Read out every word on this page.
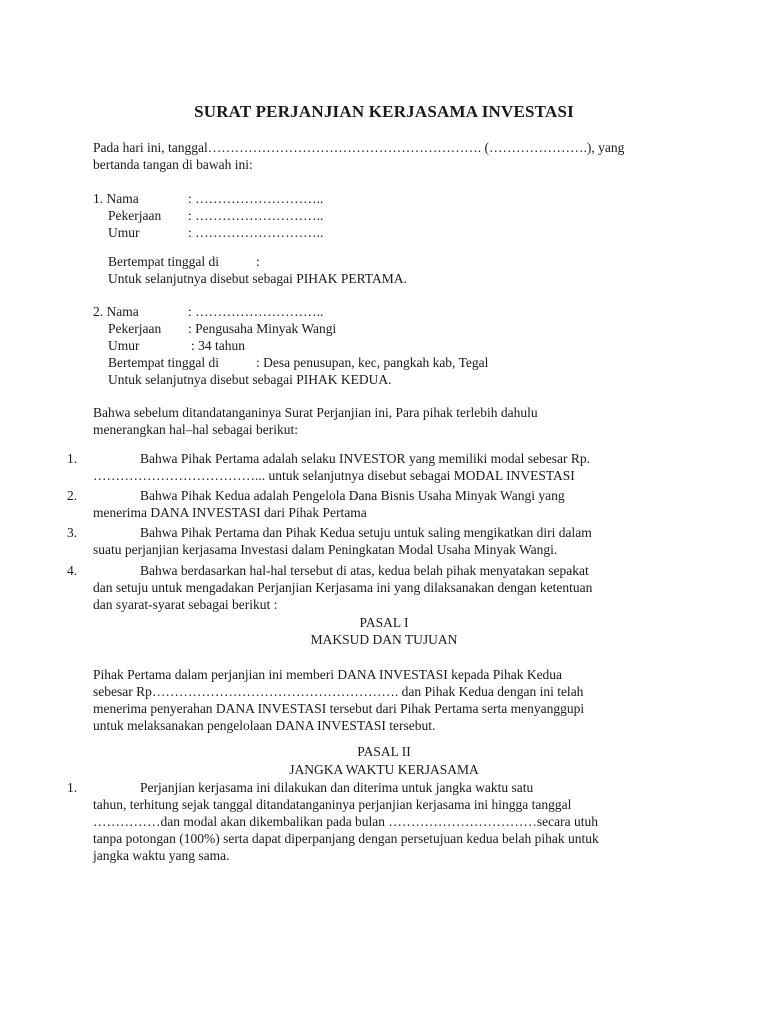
SURAT PERJANJIAN KERJASAMA INVESTASI
Pada hari ini, tanggal……………………………………………………. (………………….), yang
bertanda tangan di bawah ini:
1. Nama	: ………………………..
Pekerjaan : ………………………..
Umur	: ………………………..
Bertempat tinggal di	:
Untuk selanjutnya disebut sebagai PIHAK PERTAMA.
2. Nama	: ………………………..
Pekerjaan : Pengusaha Minyak Wangi
Umur	: 34 tahun
Bertempat tinggal di	: Desa penusupan, kec, pangkah kab, Tegal
Untuk selanjutnya disebut sebagai PIHAK KEDUA.
Bahwa sebelum ditandatanganinya Surat Perjanjian ini, Para pihak terlebih dahulu
menerangkan hal–hal sebagai berikut:
1.	Bahwa Pihak Pertama adalah selaku INVESTOR yang memiliki modal sebesar Rp.
………………………………... untuk selanjutnya disebut sebagai MODAL INVESTASI
2.	Bahwa Pihak Kedua adalah Pengelola Dana Bisnis Usaha Minyak Wangi yang
menerima DANA INVESTASI dari Pihak Pertama
3.	Bahwa Pihak Pertama dan Pihak Kedua setuju untuk saling mengikatkan diri dalam
suatu perjanjian kerjasama Investasi dalam Peningkatan Modal Usaha Minyak Wangi.
4.	Bahwa berdasarkan hal-hal tersebut di atas, kedua belah pihak menyatakan sepakat
dan setuju untuk mengadakan Perjanjian Kerjasama ini yang dilaksanakan dengan ketentuan
dan syarat-syarat sebagai berikut :
PASAL I
MAKSUD DAN TUJUAN
Pihak Pertama dalam perjanjian ini memberi DANA INVESTASI kepada Pihak Kedua
sebesar Rp………………………………………………. dan Pihak Kedua dengan ini telah
menerima penyerahan DANA INVESTASI tersebut dari Pihak Pertama serta menyanggupi
untuk melaksanakan pengelolaan DANA INVESTASI tersebut.
PASAL II
JANGKA WAKTU KERJASAMA
1.	Perjanjian kerjasama ini dilakukan dan diterima untuk jangka waktu satu
tahun, terhitung sejak tanggal ditandatanganinya perjanjian kerjasama ini hingga tanggal
……………dan modal akan dikembalikan pada bulan ……………………………secara utuh
tanpa potongan (100%) serta dapat diperpanjang dengan persetujuan kedua belah pihak untuk
jangka waktu yang sama.
